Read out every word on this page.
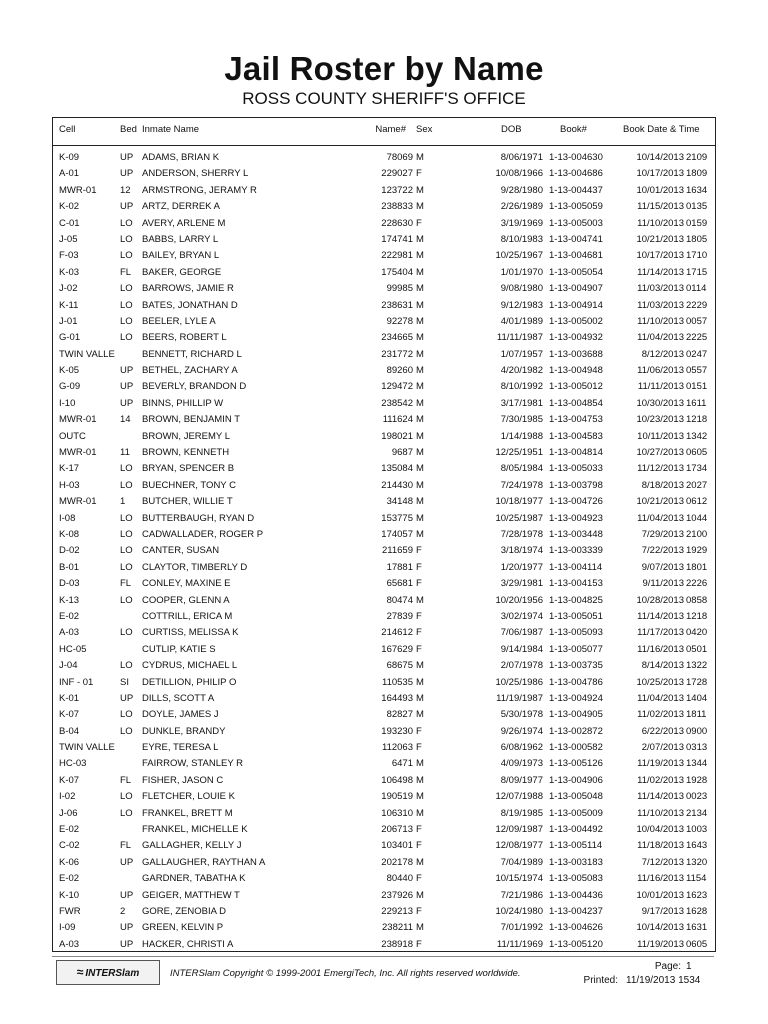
Jail Roster by Name
ROSS COUNTY SHERIFF'S OFFICE
Cell	Bed Inmate Name	Name# Sex	DOB	Book#	Book Date & Time
K-09	UP ADAMS, BRIAN K	78069 M	8/06/1971 1-13-004630	10/14/2013 2109
A-01	UP ANDERSON, SHERRY L	229027 F	10/08/1966 1-13-004686	10/17/2013 1809
MWR-01 12 ARMSTRONG, JERAMY R	123722 M	9/28/1980 1-13-004437	10/01/2013 1634
K-02	UP ARTZ, DERREK A	238833 M	2/26/1989 1-13-005059	11/15/2013 0135
C-01	LO AVERY, ARLENE M	228630 F	3/19/1969 1-13-005003	11/10/2013 0159
J-05	LO BABBS, LARRY L	174741 M	8/10/1983 1-13-004741	10/21/2013 1805
F-03	LO BAILEY, BRYAN L	222981 M	10/25/1967 1-13-004681	10/17/2013 1710
K-03	FL BAKER, GEORGE	175404 M	1/01/1970 1-13-005054	11/14/2013 1715
J-02	LO BARROWS, JAMIE R	99985 M	9/08/1980 1-13-004907	11/03/2013 0114
K-11	LO BATES, JONATHAN D	238631 M	9/12/1983 1-13-004914	11/03/2013 2229
J-01	LO BEELER, LYLE A	92278 M	4/01/1989 1-13-005002	11/10/2013 0057
G-01	LO BEERS, ROBERT L	234665 M	11/11/1987 1-13-004932	11/04/2013 2225
TWIN VALLE	BENNETT, RICHARD L	231772 M	1/07/1957 1-13-003688	8/12/2013 0247
K-05	UP BETHEL, ZACHARY A	89260 M	4/20/1982 1-13-004948	11/06/2013 0557
G-09	UP BEVERLY, BRANDON D	129472 M	8/10/1992 1-13-005012	11/11/2013 0151
I-10	UP BINNS, PHILLIP W	238542 M	3/17/1981 1-13-004854	10/30/2013 1611
MWR-01 14 BROWN, BENJAMIN T	111624 M	7/30/1985 1-13-004753	10/23/2013 1218
OUTC	BROWN, JEREMY L	198021 M	1/14/1988 1-13-004583	10/11/2013 1342
MWR-01 11 BROWN, KENNETH	9687 M	12/25/1951 1-13-004814	10/27/2013 0605
K-17	LO BRYAN, SPENCER B	135084 M	8/05/1984 1-13-005033	11/12/2013 1734
H-03	LO BUECHNER, TONY C	214430 M	7/24/1978 1-13-003798	8/18/2013 2027
MWR-01 1 BUTCHER, WILLIE T	34148 M	10/18/1977 1-13-004726	10/21/2013 0612
I-08	LO BUTTERBAUGH, RYAN D	153775 M	10/25/1987 1-13-004923	11/04/2013 1044
K-08	LO CADWALLADER, ROGER P	174057 M	7/28/1978 1-13-003448	7/29/2013 2100
D-02	LO CANTER, SUSAN	211659 F	3/18/1974 1-13-003339	7/22/2013 1929
B-01	LO CLAYTOR, TIMBERLY D	17881 F	1/20/1977 1-13-004114	9/07/2013 1801
D-03	FL CONLEY, MAXINE E	65681 F	3/29/1981 1-13-004153	9/11/2013 2226
K-13	LO COOPER, GLENN A	80474 M	10/20/1956 1-13-004825	10/28/2013 0858
E-02	COTTRILL, ERICA M	27839 F	3/02/1974 1-13-005051	11/14/2013 1218
A-03	LO CURTISS, MELISSA K	214612 F	7/06/1987 1-13-005093	11/17/2013 0420
HC-05	CUTLIP, KATIE S	167629 F	9/14/1984 1-13-005077	11/16/2013 0501
J-04	LO CYDRUS, MICHAEL L	68675 M	2/07/1978 1-13-003735	8/14/2013 1322
INF - 01	SI DETILLION, PHILIP O	110535 M	10/25/1986 1-13-004786	10/25/2013 1728
K-01	UP DILLS, SCOTT A	164493 M	11/19/1987 1-13-004924	11/04/2013 1404
K-07	LO DOYLE, JAMES J	82827 M	5/30/1978 1-13-004905	11/02/2013 1811
B-04	LO DUNKLE, BRANDY	193230 F	9/26/1974 1-13-002872	6/22/2013 0900
TWIN VALLE	EYRE, TERESA L	112063 F	6/08/1962 1-13-000582	2/07/2013 0313
HC-03	FAIRROW, STANLEY R	6471 M	4/09/1973 1-13-005126	11/19/2013 1344
K-07	FL FISHER, JASON C	106498 M	8/09/1977 1-13-004906	11/02/2013 1928
I-02	LO FLETCHER, LOUIE K	190519 M	12/07/1988 1-13-005048	11/14/2013 0023
J-06	LO FRANKEL, BRETT M	106310 M	8/19/1985 1-13-005009	11/10/2013 2134
E-02	FRANKEL, MICHELLE K	206713 F	12/09/1987 1-13-004492	10/04/2013 1003
C-02	FL GALLAGHER, KELLY J	103401 F	12/08/1977 1-13-005114	11/18/2013 1643
K-06	UP GALLAUGHER, RAYTHAN A	202178 M	7/04/1989 1-13-003183	7/12/2013 1320
E-02	GARDNER, TABATHA K	80440 F	10/15/1974 1-13-005083	11/16/2013 1154
K-10	UP GEIGER, MATTHEW T	237926 M	7/21/1986 1-13-004436	10/01/2013 1623
FWR	2 GORE, ZENOBIA D	229213 F	10/24/1980 1-13-004237	9/17/2013 1628
I-09	UP GREEN, KELVIN P	238211 M	7/01/1992 1-13-004626	10/14/2013 1631
A-03	UP HACKER, CHRISTI A	238918 F	11/11/1969 1-13-005120	11/19/2013 0605
≈ INTERSlam	INTERSlam Copyright © 1999-2001 EmergiTech, Inc. All rights reserved worldwide.
Page: 1
Printed: 11/19/2013 1534
